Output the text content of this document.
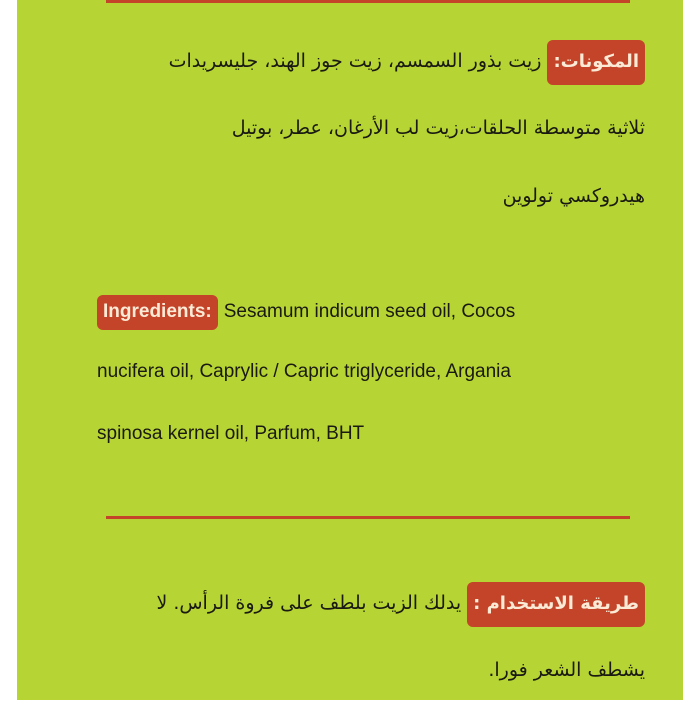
المكونات:زيت بذور السمسم، زيت جوز الهند، جليسريدات
ثلاثية متوسطة الحلقات،زيت لب الأرغان، عطر، بوتيل
هيدروكسي تولوين
Ingredients: Sesamum indicum seed oil, Cocos
nucifera oil, Caprylic / Capric triglyceride, Argania
spinosa kernel oil, Parfum, BHT
طريقة الاستخدام :يدلك الزيت بلطف على فروة الرأس. لا
يشطف الشعر فورا.
